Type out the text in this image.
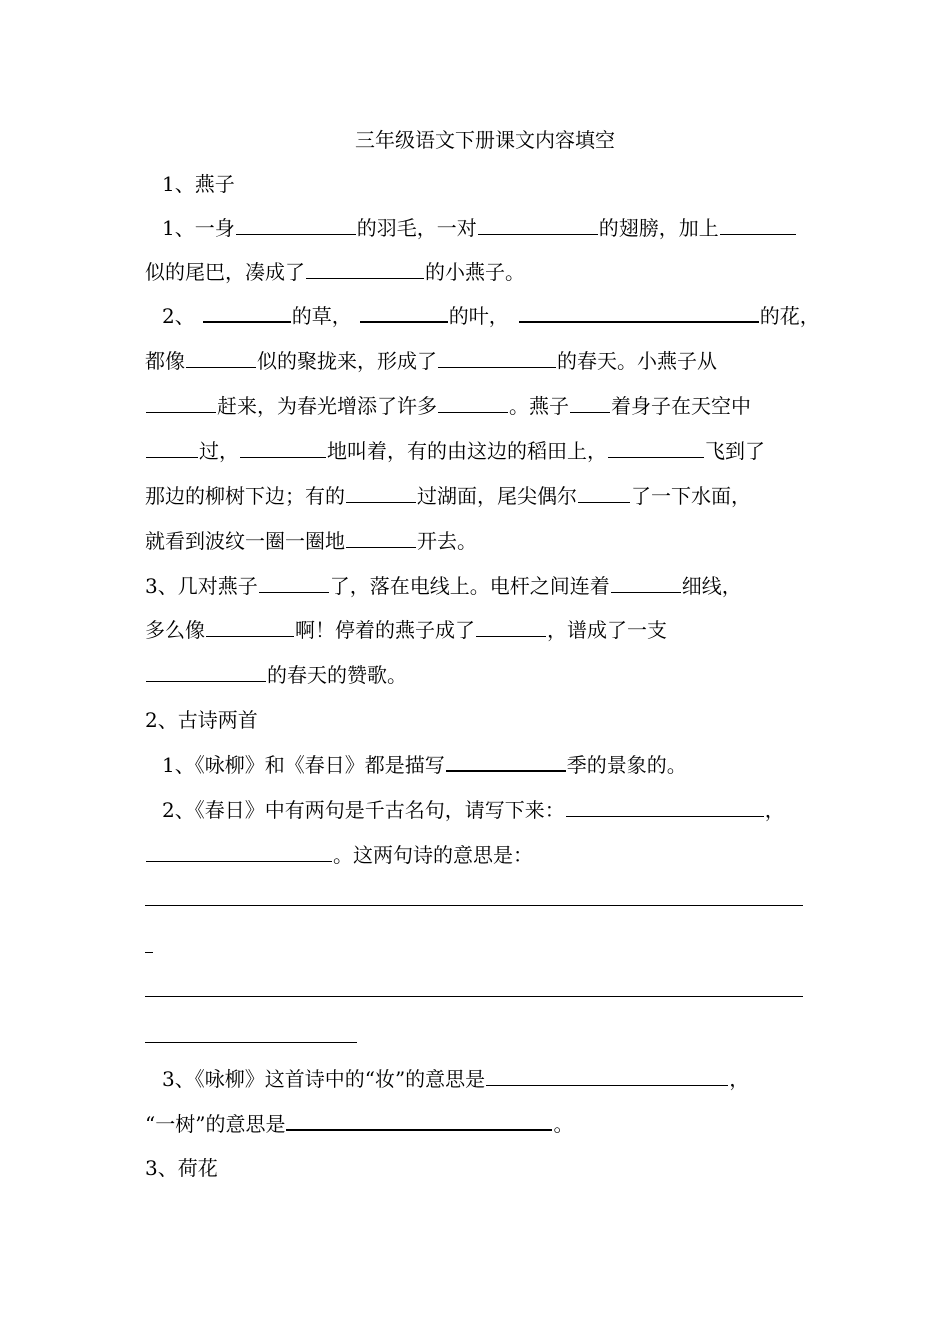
三年级语文下册课文内容填空
1、燕子
1、一身	的羽毛，一对	的翅膀，加上
似的尾巴，凑成了	的小燕子。
2、	的草，	的叶，	的花，
都像	似的聚拢来，形成了	的春天。小燕子从
赶来，为春光增添了许多	。燕子 着身子在天空中
过，	地叫着，有的由这边的稻田上，	飞到了
那边的柳树下边；有的	过湖面，尾尖偶尔	了一下水面，
就看到波纹一圈一圈地	开去。
3、几对燕子	了，落在电线上。电杆之间连着	细线，
多么像	啊！停着的燕子成了	，谱成了一支
的春天的赞歌。
2、古诗两首
1、《咏柳》和《春日》都是描写	季的景象的。
2、《春日》中有两句是千古名句，请写下来：	，
。这两句诗的意思是：
3、《咏柳》这首诗中的“妆”的意思是	，
“一树”的意思是	。
3、荷花
